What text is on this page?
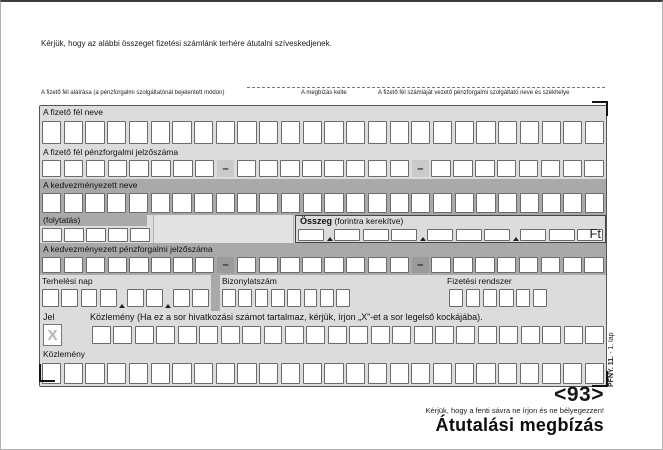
Kérjük, hogy az alábbi összeget fizetési számlánk terhére átutalni szíveskedjenek.
A fizető fél aláírása (a pénzforgalmi szolgáltatónál bejelentett módon)	A megbízás kelte	A fizető fél számláját vezető pénzforgalmi szolgáltató neve és székhelye
A fizető fél neve
A fizető fél pénzforgalmi jelzőszáma
–	–
A kedvezményezett neve
(folytatás)	Összeg (forintra kerekítve)
Ft
A kedvezményezett pénzforgalmi jelzőszáma
–	–
Terhelési nap	Bizonylatszám	Fizetési rendszer
Jel	Közlemény (Ha ez a sor hivatkozási számot tartalmaz, kérjük, írjon „X”-et a sor legelső kockájába).
X
Közlemény
PFNY. 11. - 1. lap
<93>
Kérjük, hogy a fenti sávra ne írjon és ne bélyegezzen!
Átutalási megbízás
